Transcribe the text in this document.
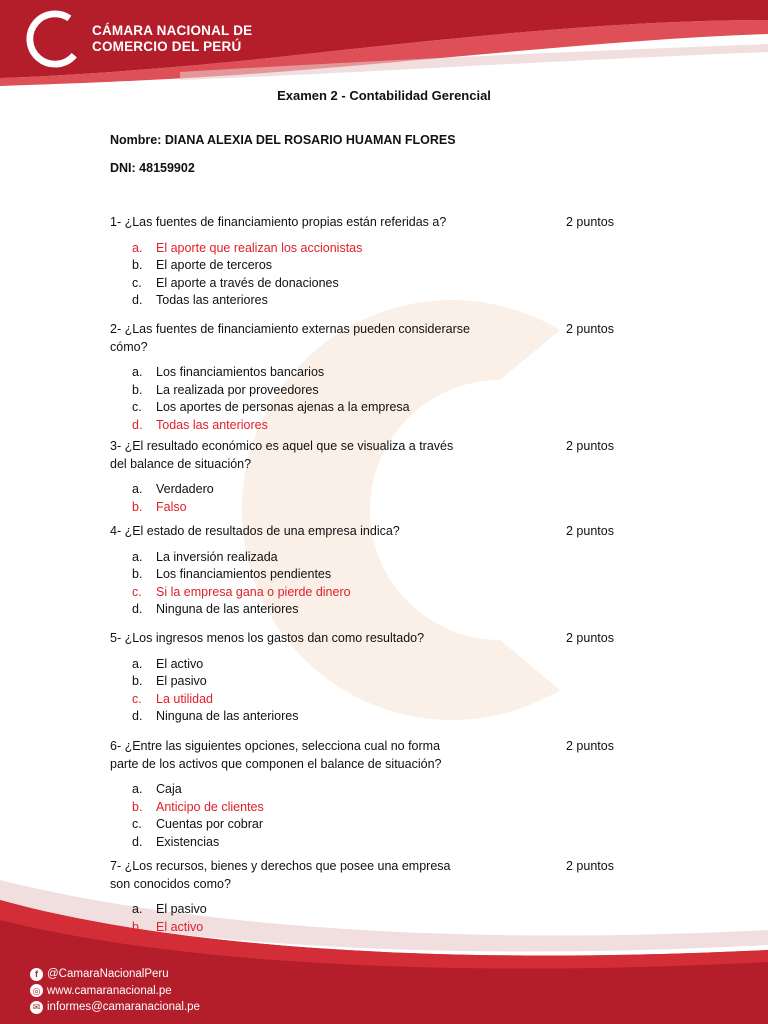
CÁMARA NACIONAL DE
COMERCIO DEL PERÚ
Examen 2 - Contabilidad Gerencial
Nombre: DIANA ALEXIA DEL ROSARIO HUAMAN FLORES
DNI: 48159902
1- ¿Las fuentes de financiamiento propias están referidas a?	2 puntos
a.	El aporte que realizan los accionistas
b.	El aporte de terceros
c.	El aporte a través de donaciones
d.	Todas las anteriores
2- ¿Las fuentes de financiamiento externas pueden considerarse cómo?
2 puntos
a.	Los financiamientos bancarios
b.	La realizada por proveedores
c.	Los aportes de personas ajenas a la empresa
d.	Todas las anteriores
3- ¿El resultado económico es aquel que se visualiza a través del balance de situación?
2 puntos
a.	Verdadero
b.	Falso
4- ¿El estado de resultados de una empresa indica?	2 puntos
a.	La inversión realizada
b.	Los financiamientos pendientes
c.	Si la empresa gana o pierde dinero
d.	Ninguna de las anteriores
5- ¿Los ingresos menos los gastos dan como resultado?	2 puntos
a.	El activo
b.	El pasivo
c.	La utilidad
d.	Ninguna de las anteriores
6- ¿Entre las siguientes opciones, selecciona cual no forma parte de los activos que componen el balance de situación?
2 puntos
a.	Caja
b.	Anticipo de clientes
c.	Cuentas por cobrar
d.	Existencias
7- ¿Los recursos, bienes y derechos que posee una empresa son conocidos como?
2 puntos
a.	El pasivo
b.	El activo
f @CamaraNacionalPeru
◎ www.camaranacional.pe
✉ informes@camaranacional.pe
